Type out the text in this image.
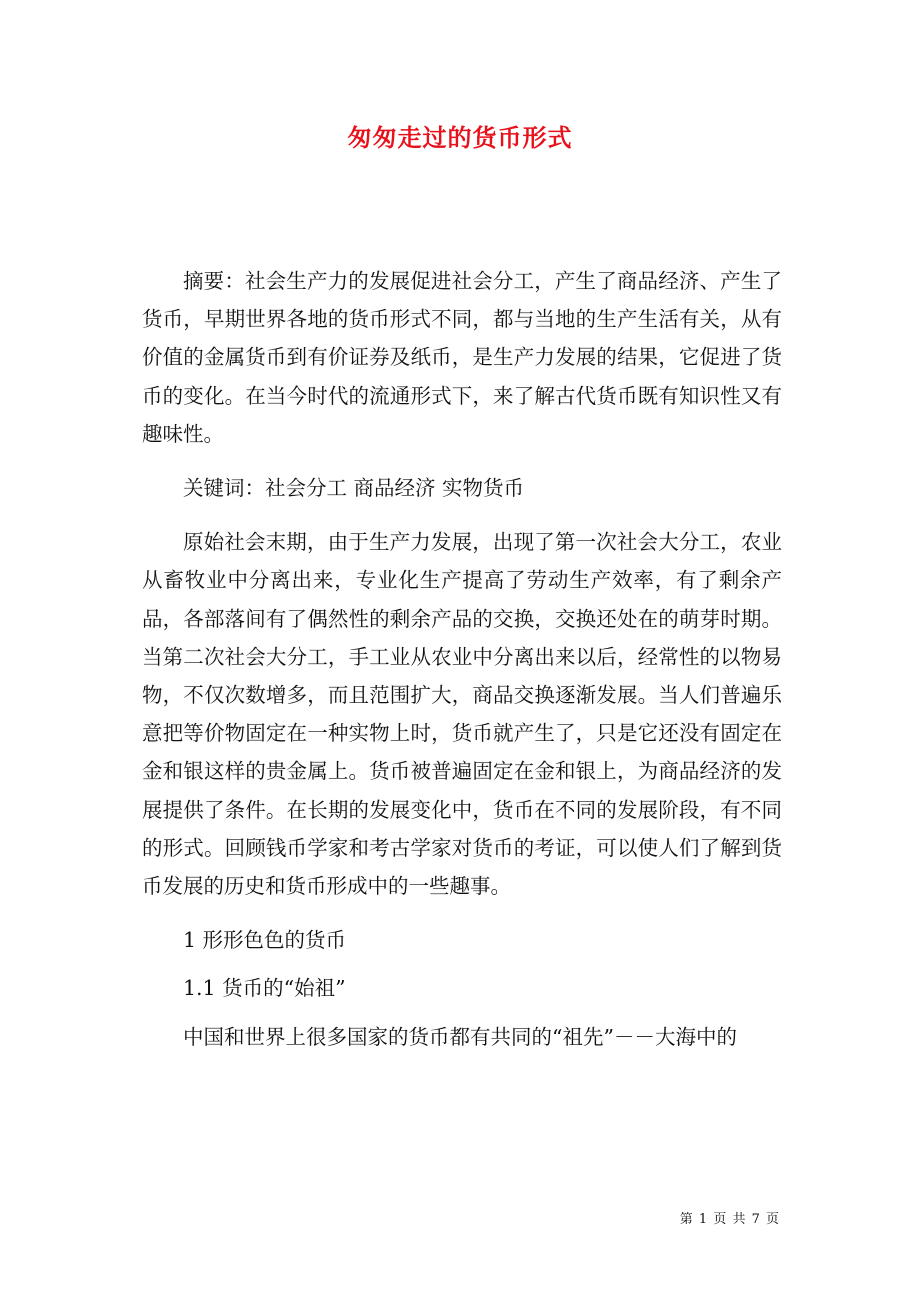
匆匆走过的货币形式

摘要：社会生产力的发展促进社会分工，产生了商品经济、产生了货币，早期世界各地的货币形式不同，都与当地的生产生活有关，从有价值的金属货币到有价证券及纸币，是生产力发展的结果，它促进了货币的变化。在当今时代的流通形式下，来了解古代货币既有知识性又有趣味性。

关键词：社会分工 商品经济 实物货币

原始社会末期，由于生产力发展，出现了第一次社会大分工，农业从畜牧业中分离出来，专业化生产提高了劳动生产效率，有了剩余产品，各部落间有了偶然性的剩余产品的交换，交换还处在的萌芽时期。当第二次社会大分工，手工业从农业中分离出来以后，经常性的以物易物，不仅次数增多，而且范围扩大，商品交换逐渐发展。当人们普遍乐意把等价物固定在一种实物上时，货币就产生了，只是它还没有固定在金和银这样的贵金属上。货币被普遍固定在金和银上，为商品经济的发展提供了条件。在长期的发展变化中，货币在不同的发展阶段，有不同的形式。回顾钱币学家和考古学家对货币的考证，可以使人们了解到货币发展的历史和货币形成中的一些趣事。

1 形形色色的货币

1.1 货币的“始祖”

中国和世界上很多国家的货币都有共同的“祖先”－－大海中的

第 1 页 共 7 页
